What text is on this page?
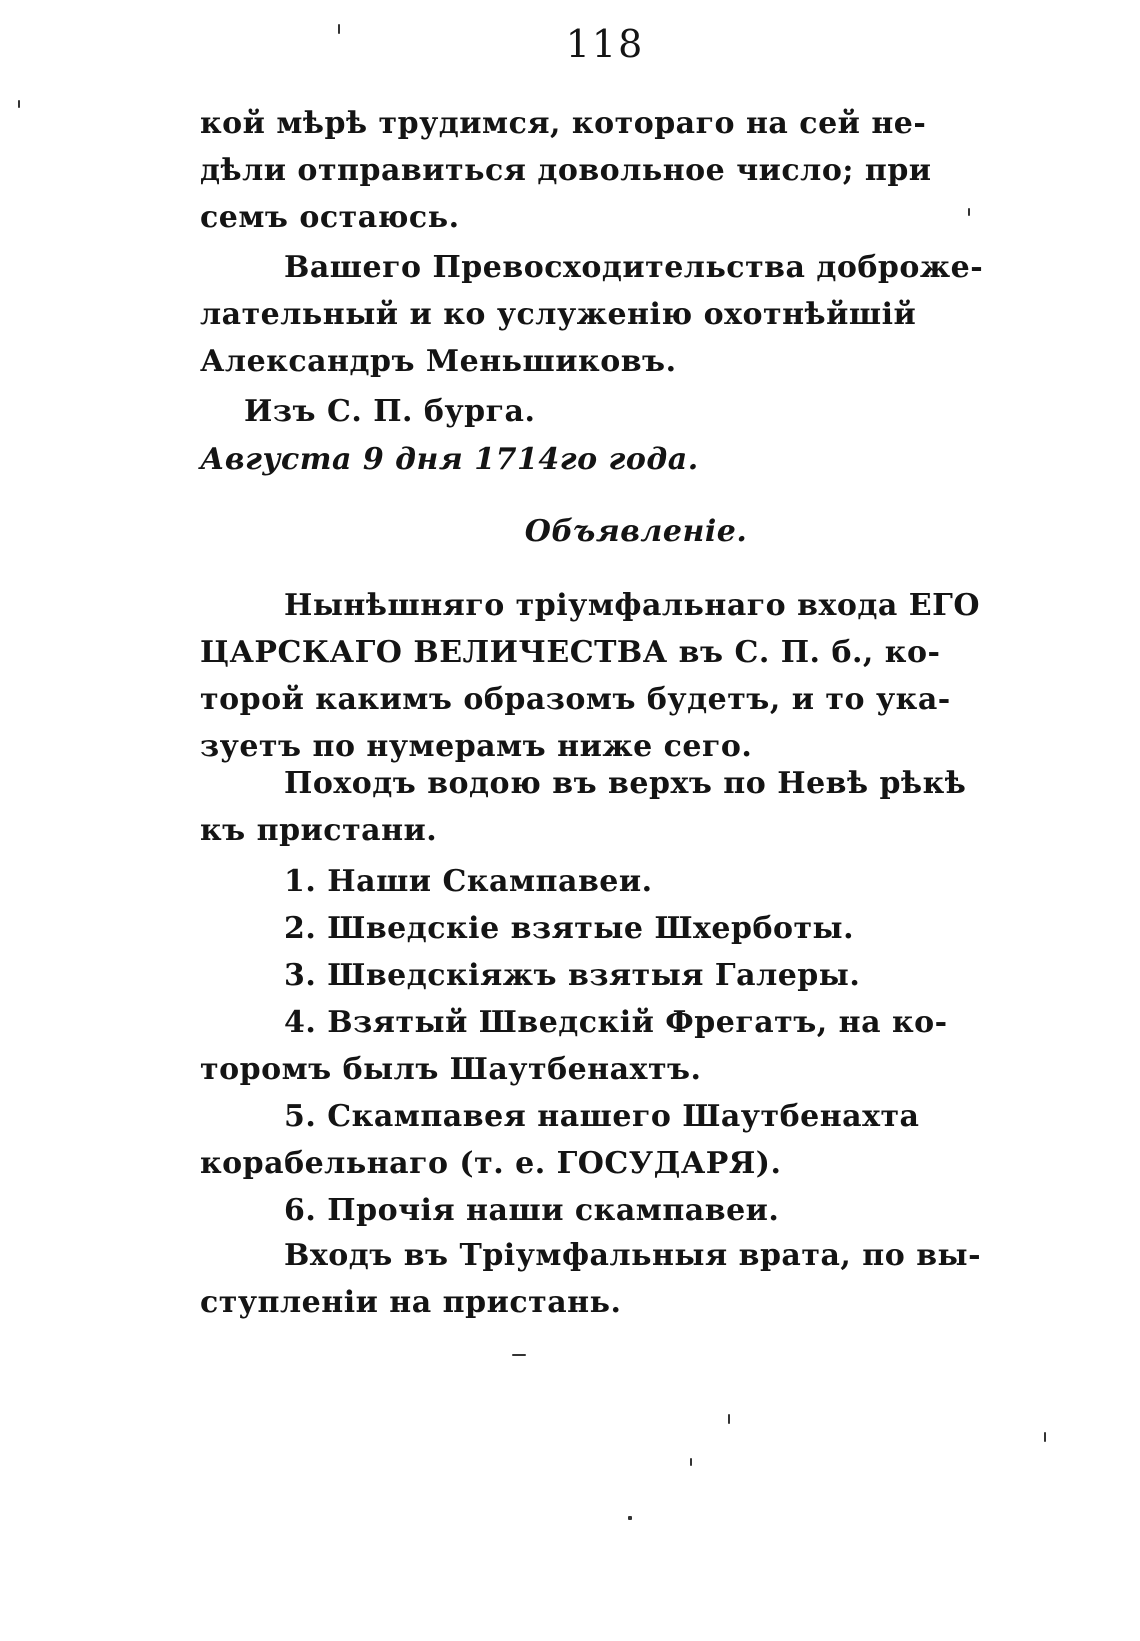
118
кой мѣрѣ трудимся, котораго на сей не-
дѣли отправиться довольное число; при
семъ остаюсь.
Вашего Превосходительства доброже-
лательный и ко услуженію охотнѣйшій
Александръ Меньшиковъ.
Изъ С. П. бурга.
Августа 9 дня 1714го года.
Объявленіе.
Нынѣшняго тріумфальнаго входа ЕГО
ЦАРСКАГО ВЕЛИЧЕСТВА въ С. П. б., ко-
торой какимъ образомъ будетъ, и то ука-
зуетъ по нумерамъ ниже сего.
Походъ водою въ верхъ по Невѣ рѣкѣ
къ пристани.
1. Наши Скампавеи.
2. Шведскіе взятые Шхерботы.
3. Шведскіяжъ взятыя Галеры.
4. Взятый Шведскій Фрегатъ, на ко-
торомъ былъ Шаутбенахтъ.
5. Скампавея нашего Шаутбенахта
корабельнаго (т. е. ГОСУДАРЯ).
6. Прочія наши скампавеи.
Входъ въ Тріумфальныя врата, по вы-
ступленіи на пристань.
